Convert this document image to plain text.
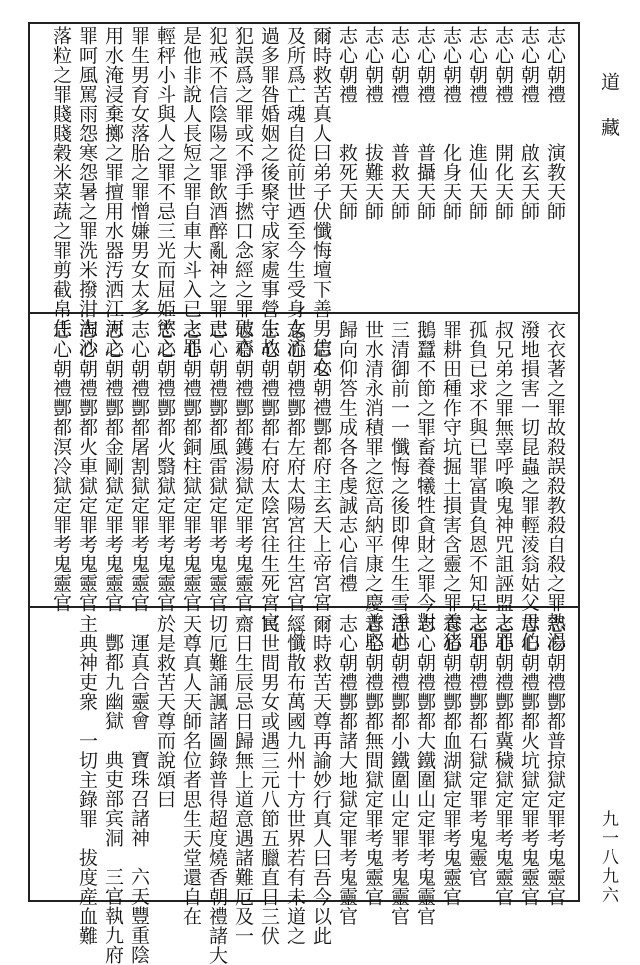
志心朝禮　　演教天師
志心朝禮　　啟玄天師
志心朝禮　　開化天師
志心朝禮　　進仙天師
志心朝禮　　化身天師
志心朝禮　　普攝天師
志心朝禮　　普救天師
志心朝禮　　拔難天師
志心朝禮　　救死天師
爾時救苦真人曰弟子伏懺悔壇下善男信女
及所爲亡魂自從前世迺至今生受身女流
過多罪咎婚姻之後聚守成家處事營生故
犯誤爲之罪或不淨手撚口念經之罪破齋
犯戒不信陰陽之罪飲酒醉亂神之罪已
是他非說人長短之罪自車大斗入已之罪
輕秤小斗與人之罪不忌三光而屈姫慾之
罪生男育女落胎之罪憎嫌男女太多
用水淹浸棄擲之罪擅用水器汚洒江河之
罪呵風罵雨怨寒怨暑之罪洗米撥泔淘沙
落粒之罪賤賤穀米菜蔬之罪剪截帛任
衣衣著之罪故殺誤殺教殺自殺之罪熱湯
潑地損害一切昆蟲之罪輕淩翁姑父母伯
叔兄弟之罪無辜呼喚鬼神咒詛誣盟之罪
孤負已求不與已罪富貴負恩不知足之罪
罪耕田種作守坑掘土損害含靈之罪養猪
鵝蠶不節之罪畜養犧牲貪財之罪今對
三清御前一一懺悔之後即俾生生雪淨世
世水清永消積罪之愆高納平康之慶普堅
歸向仰答生成各各虔誠志心信禮
志心朝禮酆都府主玄天上帝宮宮
志心朝禮酆都左府太陽宮往生宮官
志心朝禮酆都右府太陰宮往生死宮官
志心朝禮酆都鑊湯獄定罪考鬼靈官
志心朝禮酆都風雷獄定罪考鬼靈官
志心朝禮酆都銅柱獄定罪考鬼靈官
志心朝禮酆都火翳獄定罪考鬼靈官
志心朝禮酆都屠割獄定罪考鬼靈官
志心朝禮酆都金剛獄定罪考鬼靈官
志心朝禮酆都火車獄定罪考鬼靈官
志心朝禮酆都溟冷獄定罪考鬼靈官
志心朝禮酆都普掠獄定罪考鬼靈官
志心朝禮酆都火坑獄定罪考鬼靈官
志心朝禮酆都冀穢獄定罪考鬼靈官
志心朝禮酆都石獄定罪考鬼靈官
志心朝禮酆都血湖獄定罪考鬼靈官
志心朝禮酆都大鐵圍山定罪考鬼靈官
志心朝禮酆都小鐵圍山定罪考鬼靈官
志心朝禮酆都無間獄定罪考鬼靈官
志心朝禮酆都諸大地獄定罪考鬼靈官
爾時救苦天尊再諭妙行真人曰吾今以此
經懺散布萬國九州十方世界若有未道之
民世間男女或遇三元八節五臘直日三伏
齋日生辰忌日歸無上道意遇諸難厄及一
切厄難誦諷諸圖錄普得超度燒香朝禮諸大
天尊真人天師名位者思生天堂還自在
於是救苦天尊而說頌曰
運真合靈會　寶珠召諸神　六天豐重陰
酆都九幽獄　典吏部宾洞　三官執九府
主典神吏衆　一切主錄罪　拔度産血難
道 藏
九一八九六
